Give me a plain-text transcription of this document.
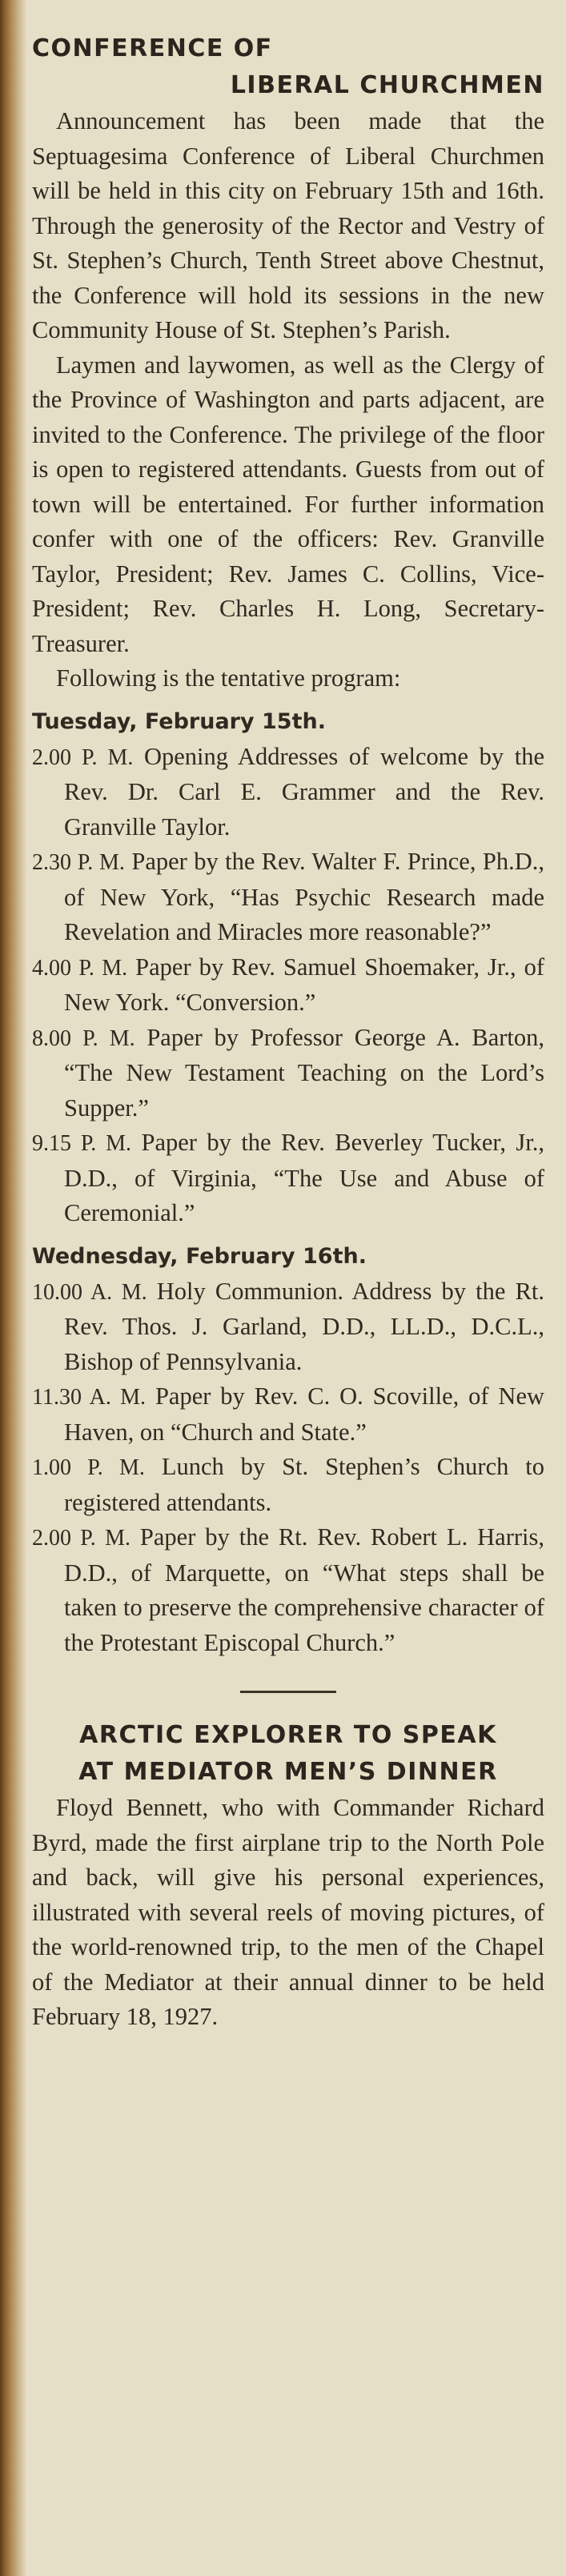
CONFERENCE OF
LIBERAL CHURCHMEN

Announcement has been made that the Septuagesima Conference of Liberal Churchmen will be held in this city on February 15th and 16th. Through the generosity of the Rector and Vestry of St. Stephen’s Church, Tenth Street above Chestnut, the Conference will hold its sessions in the new Community House of St. Stephen’s Parish.

Laymen and laywomen, as well as the Clergy of the Province of Washington and parts adjacent, are invited to the Conference. The privilege of the floor is open to registered attendants. Guests from out of town will be entertained. For further information confer with one of the officers: Rev. Granville Taylor, President; Rev. James C. Collins, Vice-President; Rev. Charles H. Long, Secretary-Treasurer.

Following is the tentative program:

Tuesday, February 15th.
2.00 P. M. Opening Addresses of welcome by the Rev. Dr. Carl E. Grammer and the Rev. Granville Taylor.
2.30 P. M. Paper by the Rev. Walter F. Prince, Ph.D., of New York, “Has Psychic Research made Revelation and Miracles more reasonable?”
4.00 P. M. Paper by Rev. Samuel Shoemaker, Jr., of New York. “Conversion.”
8.00 P. M. Paper by Professor George A. Barton, “The New Testament Teaching on the Lord’s Supper.”
9.15 P. M. Paper by the Rev. Beverley Tucker, Jr., D.D., of Virginia, “The Use and Abuse of Ceremonial.”
Wednesday, February 16th.
10.00 A. M. Holy Communion. Address by the Rt. Rev. Thos. J. Garland, D.D., LL.D., D.C.L., Bishop of Pennsylvania.
11.30 A. M. Paper by Rev. C. O. Scoville, of New Haven, on “Church and State.”
1.00 P. M. Lunch by St. Stephen’s Church to registered attendants.
2.00 P. M. Paper by the Rt. Rev. Robert L. Harris, D.D., of Marquette, on “What steps shall be taken to preserve the comprehensive character of the Protestant Episcopal Church.”
ARCTIC EXPLORER TO SPEAK
AT MEDIATOR MEN’S DINNER

Floyd Bennett, who with Commander Richard Byrd, made the first airplane trip to the North Pole and back, will give his personal experiences, illustrated with several reels of moving pictures, of the world-renowned trip, to the men of the Chapel of the Mediator at their annual dinner to be held February 18, 1927.
